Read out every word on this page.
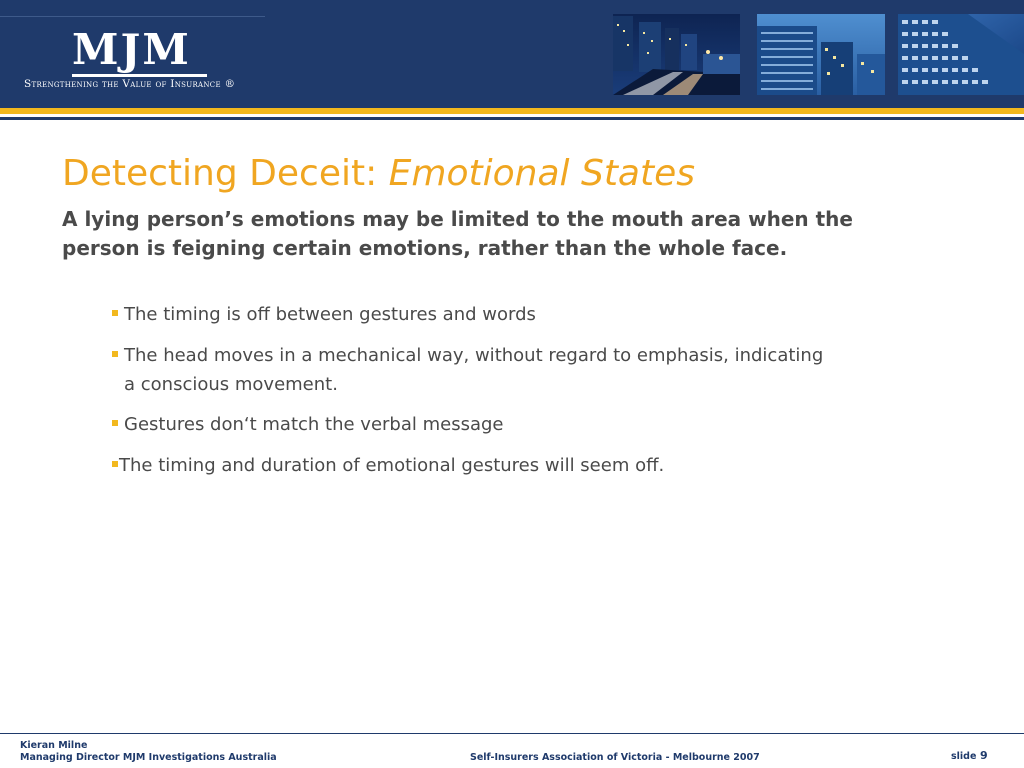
MJM
Strengthening the Value of Insurance ®
Detecting Deceit: Emotional States
A lying person’s emotions may be limited to the mouth area when the person is feigning certain emotions, rather than the whole face.
The timing is off between gestures and words
The head moves in a mechanical way, without regard to emphasis, indicating
a conscious movement.
Gestures don‘t match the verbal message
The timing and duration of emotional gestures will seem off.
Kieran Milne
Managing Director MJM Investigations Australia	Self-Insurers Association of Victoria - Melbourne 2007	slide 9
